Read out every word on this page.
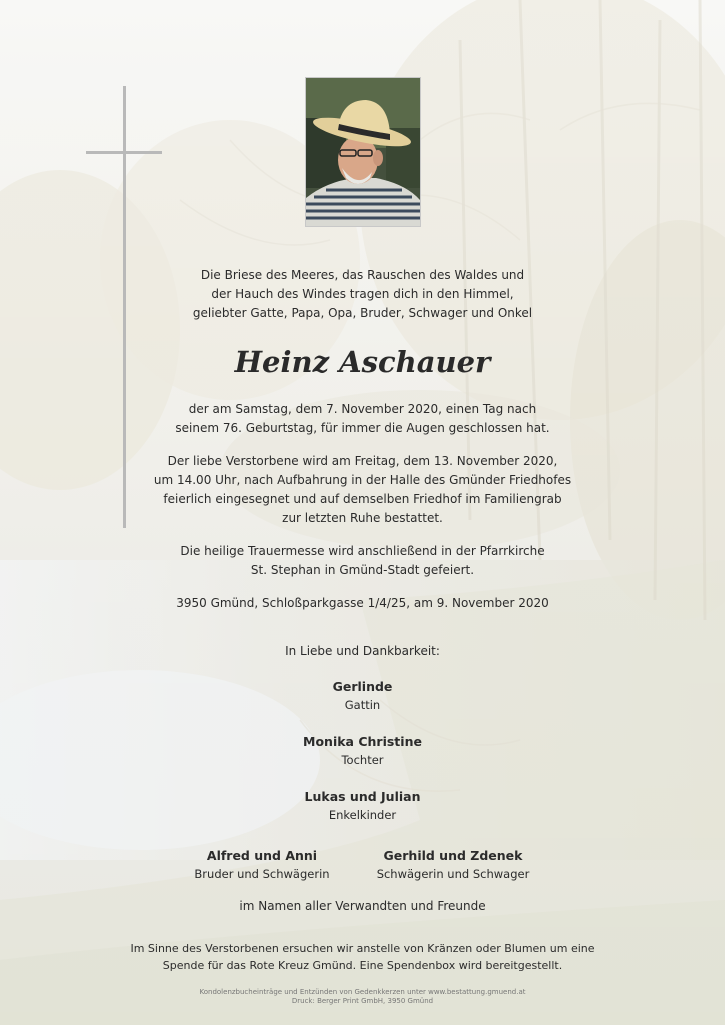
Die Briese des Meeres, das Rauschen des Waldes und
der Hauch des Windes tragen dich in den Himmel,
geliebter Gatte, Papa, Opa, Bruder, Schwager und Onkel

Heinz Aschauer

der am Samstag, dem 7. November 2020, einen Tag nach
seinem 76. Geburtstag, für immer die Augen geschlossen hat.

Der liebe Verstorbene wird am Freitag, dem 13. November 2020,
um 14.00 Uhr, nach Aufbahrung in der Halle des Gmünder Friedhofes
feierlich eingesegnet und auf demselben Friedhof im Familiengrab
zur letzten Ruhe bestattet.

Die heilige Trauermesse wird anschließend in der Pfarrkirche
St. Stephan in Gmünd-Stadt gefeiert.

3950 Gmünd, Schloßparkgasse 1/4/25, am 9. November 2020

In Liebe und Dankbarkeit:

Gerlinde
Gattin
Monika Christine
Tochter
Lukas und Julian
Enkelkinder
Alfred und Anni
Bruder und Schwägerin
Gerhild und Zdenek
Schwägerin und Schwager

im Namen aller Verwandten und Freunde

Im Sinne des Verstorbenen ersuchen wir anstelle von Kränzen oder Blumen um eine
Spende für das Rote Kreuz Gmünd. Eine Spendenbox wird bereitgestellt.

Kondolenzbucheinträge und Entzünden von Gedenkkerzen unter www.bestattung.gmuend.at
Druck: Berger Print GmbH, 3950 Gmünd
